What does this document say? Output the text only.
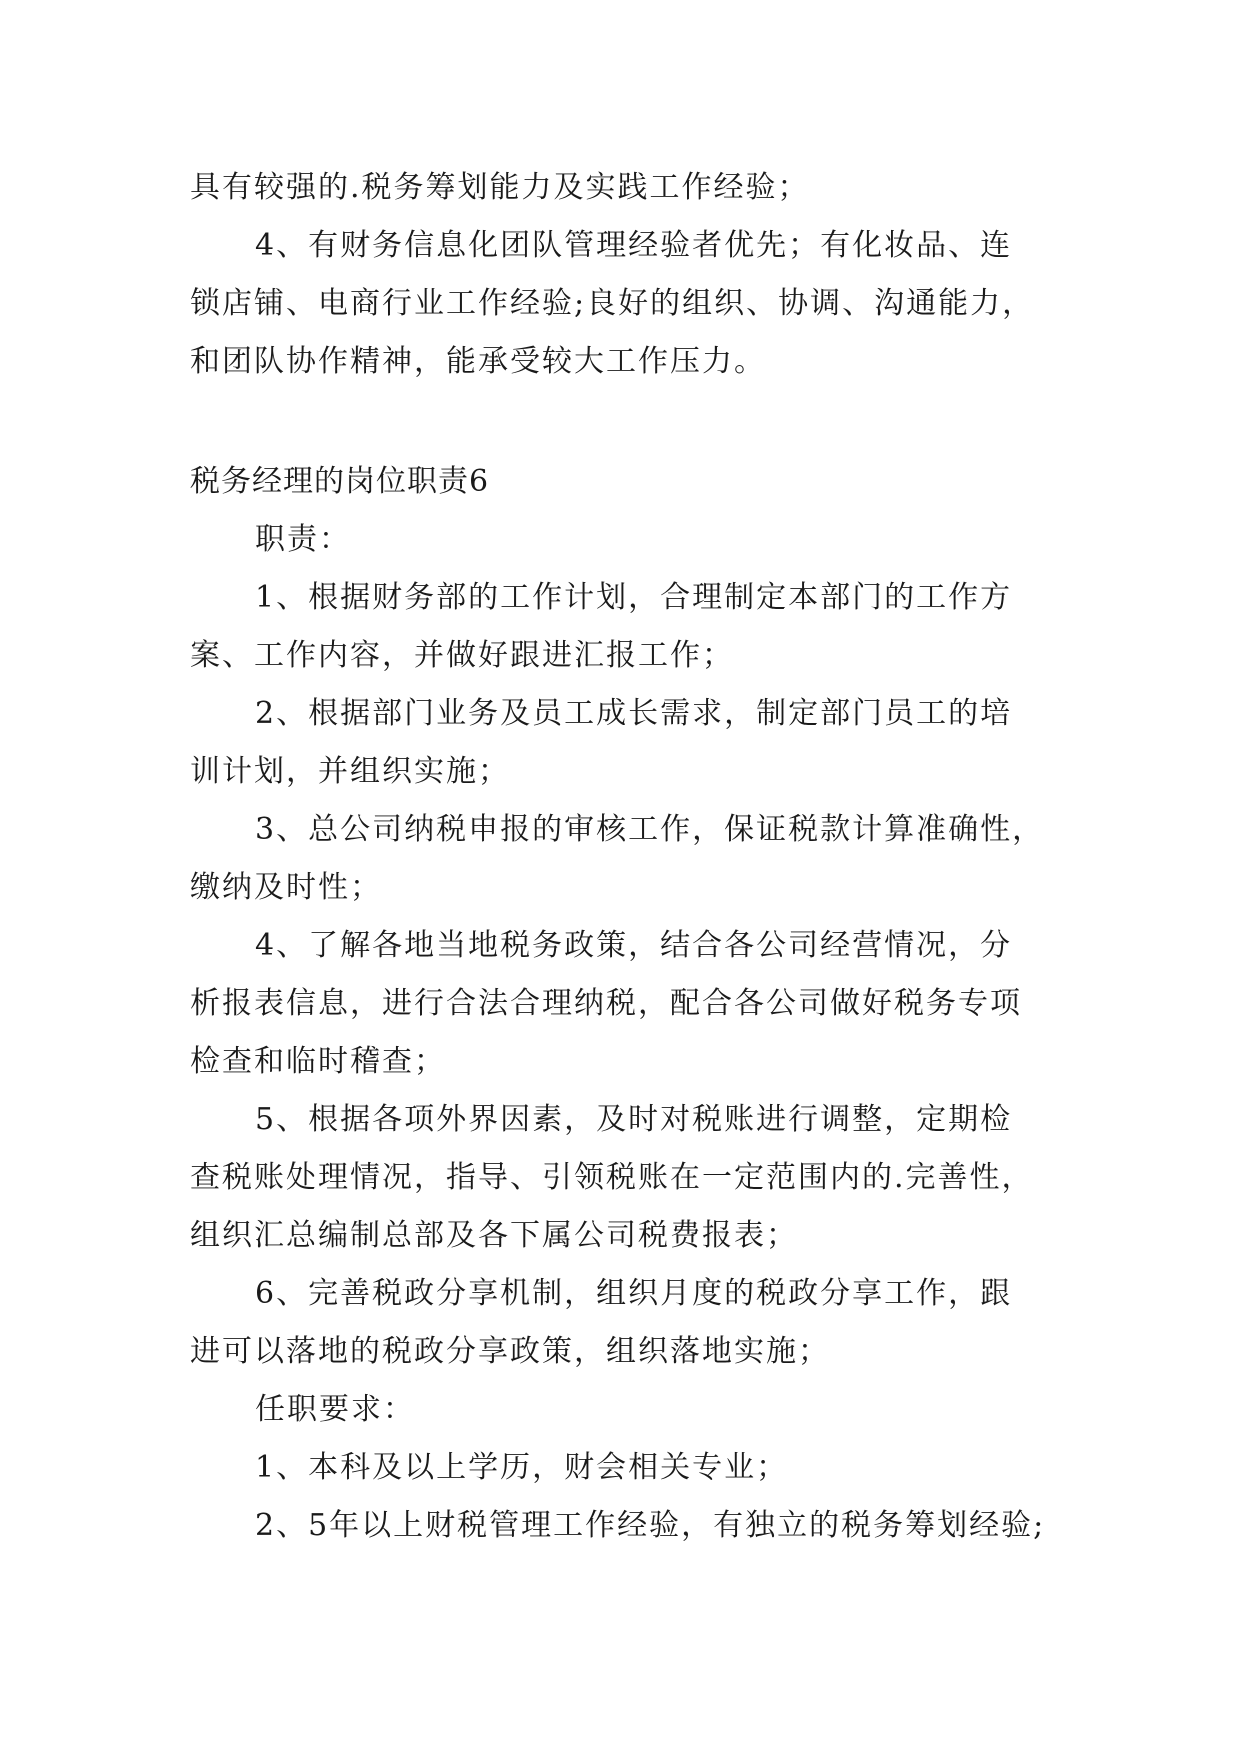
具有较强的.税务筹划能力及实践工作经验；
4、有财务信息化团队管理经验者优先；有化妆品、连
锁店铺、电商行业工作经验;良好的组织、协调、沟通能力，
和团队协作精神，能承受较大工作压力。
税务经理的岗位职责6
职责：
1、根据财务部的工作计划，合理制定本部门的工作方
案、工作内容，并做好跟进汇报工作；
2、根据部门业务及员工成长需求，制定部门员工的培
训计划，并组织实施；
3、总公司纳税申报的审核工作，保证税款计算准确性，
缴纳及时性；
4、了解各地当地税务政策，结合各公司经营情况，分
析报表信息，进行合法合理纳税，配合各公司做好税务专项
检查和临时稽查；
5、根据各项外界因素，及时对税账进行调整，定期检
查税账处理情况，指导、引领税账在一定范围内的.完善性，
组织汇总编制总部及各下属公司税费报表；
6、完善税政分享机制，组织月度的税政分享工作，跟
进可以落地的税政分享政策，组织落地实施；
任职要求：
1、本科及以上学历，财会相关专业；
2、5年以上财税管理工作经验，有独立的税务筹划经验;
